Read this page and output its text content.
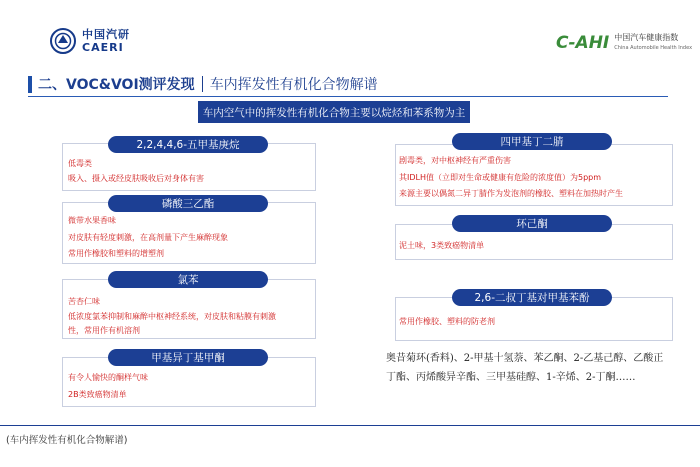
中国汽研
CAERI	C-AHI 中国汽车健康指数
China Automobile Health Index
二、VOC&VOI测评发现 车内挥发性有机化合物解谱
车内空气中的挥发性有机化合物主要以烷烃和苯系物为主
2,2,4,4,6-五甲基庚烷
低毒类
吸入、摄入或经皮肤吸收后对身体有害
磷酸三乙酯
微带水果香味
对皮肤有轻度刺激，在高剂量下产生麻醉现象
常用作橡胶和塑料的增塑剂
氯苯
苦杏仁味
低浓度氯苯抑制和麻醉中枢神经系统，对皮肤和粘膜有刺激
性，常用作有机溶剂
甲基异丁基甲酮
有令人愉快的酮样气味
2B类致癌物清单
四甲基丁二腈
剧毒类，对中枢神经有严重伤害
其IDLH值（立即对生命或健康有危险的浓度值）为5ppm
来源主要以偶氮二异丁腈作为发泡剂的橡胶、塑料在加热时产生
环己酮
泥土味，3类致癌物清单
2,6-二叔丁基对甲基苯酚
常用作橡胶、塑料的防老剂
奥昔菊环(香料)、2-甲基十氢萘、苯乙酮、2-乙基己醇、乙酸正丁酯、丙烯酸异辛酯、三甲基硅醇、1-辛烯、2-丁酮……
(车内挥发性有机化合物解谱)
